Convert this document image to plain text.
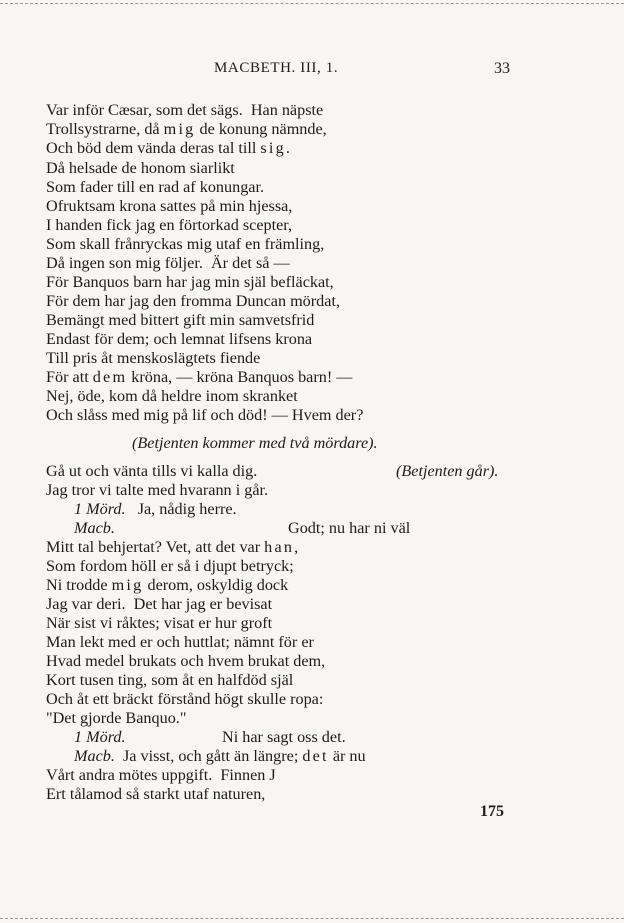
MACBETH. III, 1.	33
Var inför Cæsar, som det sägs.  Han näpste
Trollsystrarne, då mig de konung nämnde,
Och böd dem vända deras tal till sig.
Då helsade de honom siarlikt
Som fader till en rad af konungar.
Ofruktsam krona sattes på min hjessa,
I handen fick jag en förtorkad scepter,
Som skall frånryckas mig utaf en främling,
Då ingen son mig följer.  Är det så —
För Banquos barn har jag min själ befläckat,
För dem har jag den fromma Duncan mördat,
Bemängt med bittert gift min samvetsfrid
Endast för dem; och lemnat lifsens krona
Till pris åt menskoslägtets fiende
För att dem kröna, — kröna Banquos barn! —
Nej, öde, kom då heldre inom skranket
Och slåss med mig på lif och död! — Hvem der?
(Betjenten kommer med två mördare).
Gå ut och vänta tills vi kalla dig.	(Betjenten går).
Jag tror vi talte med hvarann i går.
1 Mörd. Ja, nådig herre.
Macb.	Godt; nu har ni väl
Mitt tal behjertat? Vet, att det var han,
Som fordom höll er så i djupt betryck;
Ni trodde mig derom, oskyldig dock
Jag var deri.  Det har jag er bevisat
När sist vi råktes; visat er hur groft
Man lekt med er och huttlat; nämnt för er
Hvad medel brukats och hvem brukat dem,
Kort tusen ting, som åt en halfdöd själ
Och åt ett bräckt förstånd högt skulle ropa:
"Det gjorde Banquo."
1 Mörd.	Ni har sagt oss det.
Macb. Ja visst, och gått än längre; det är nu
Vårt andra mötes uppgift.  Finnen J
Ert tålamod så starkt utaf naturen,
175
